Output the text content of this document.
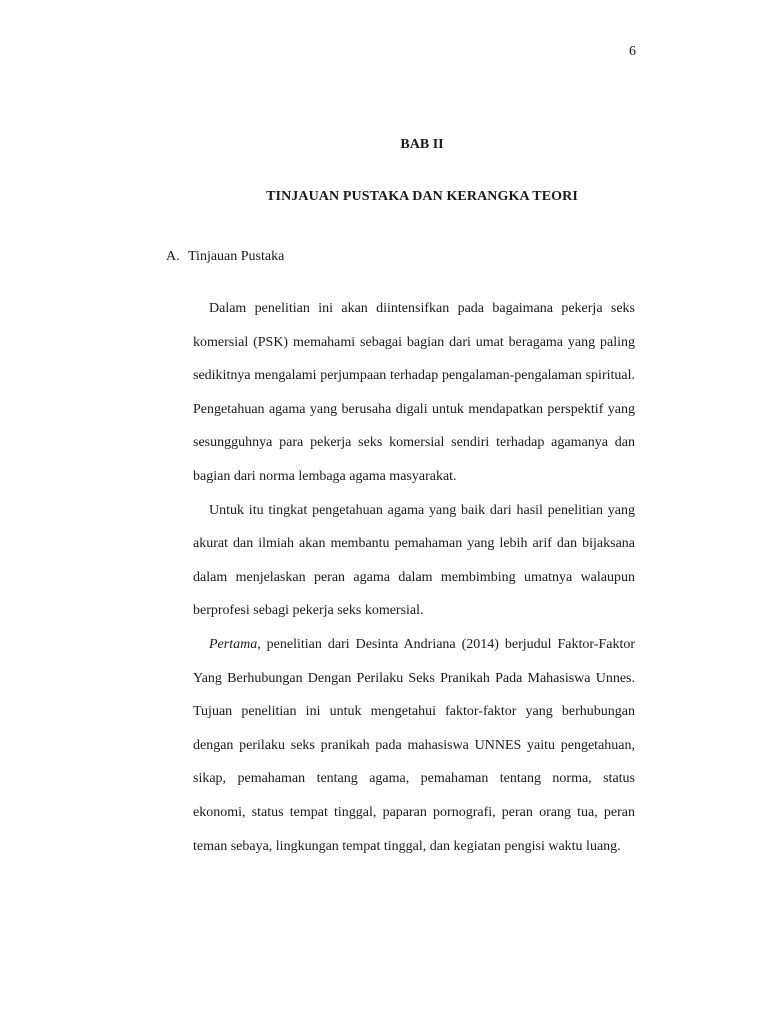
6
BAB II
TINJAUAN PUSTAKA DAN KERANGKA TEORI
A. Tinjauan Pustaka

Dalam penelitian ini akan diintensifkan pada bagaimana pekerja seks komersial (PSK) memahami sebagai bagian dari umat beragama yang paling sedikitnya mengalami perjumpaan terhadap pengalaman-pengalaman spiritual. Pengetahuan agama yang berusaha digali untuk mendapatkan perspektif yang sesungguhnya para pekerja seks komersial sendiri terhadap agamanya dan bagian dari norma lembaga agama masyarakat.

Untuk itu tingkat pengetahuan agama yang baik dari hasil penelitian yang akurat dan ilmiah akan membantu pemahaman yang lebih arif dan bijaksana dalam menjelaskan peran agama dalam membimbing umatnya walaupun berprofesi sebagi pekerja seks komersial.

Pertama, penelitian dari Desinta Andriana (2014) berjudul Faktor-Faktor Yang Berhubungan Dengan Perilaku Seks Pranikah Pada Mahasiswa Unnes. Tujuan penelitian ini untuk mengetahui faktor-faktor yang berhubungan dengan perilaku seks pranikah pada mahasiswa UNNES yaitu pengetahuan, sikap, pemahaman tentang agama, pemahaman tentang norma, status ekonomi, status tempat tinggal, paparan pornografi, peran orang tua, peran teman sebaya, lingkungan tempat tinggal, dan kegiatan pengisi waktu luang.
